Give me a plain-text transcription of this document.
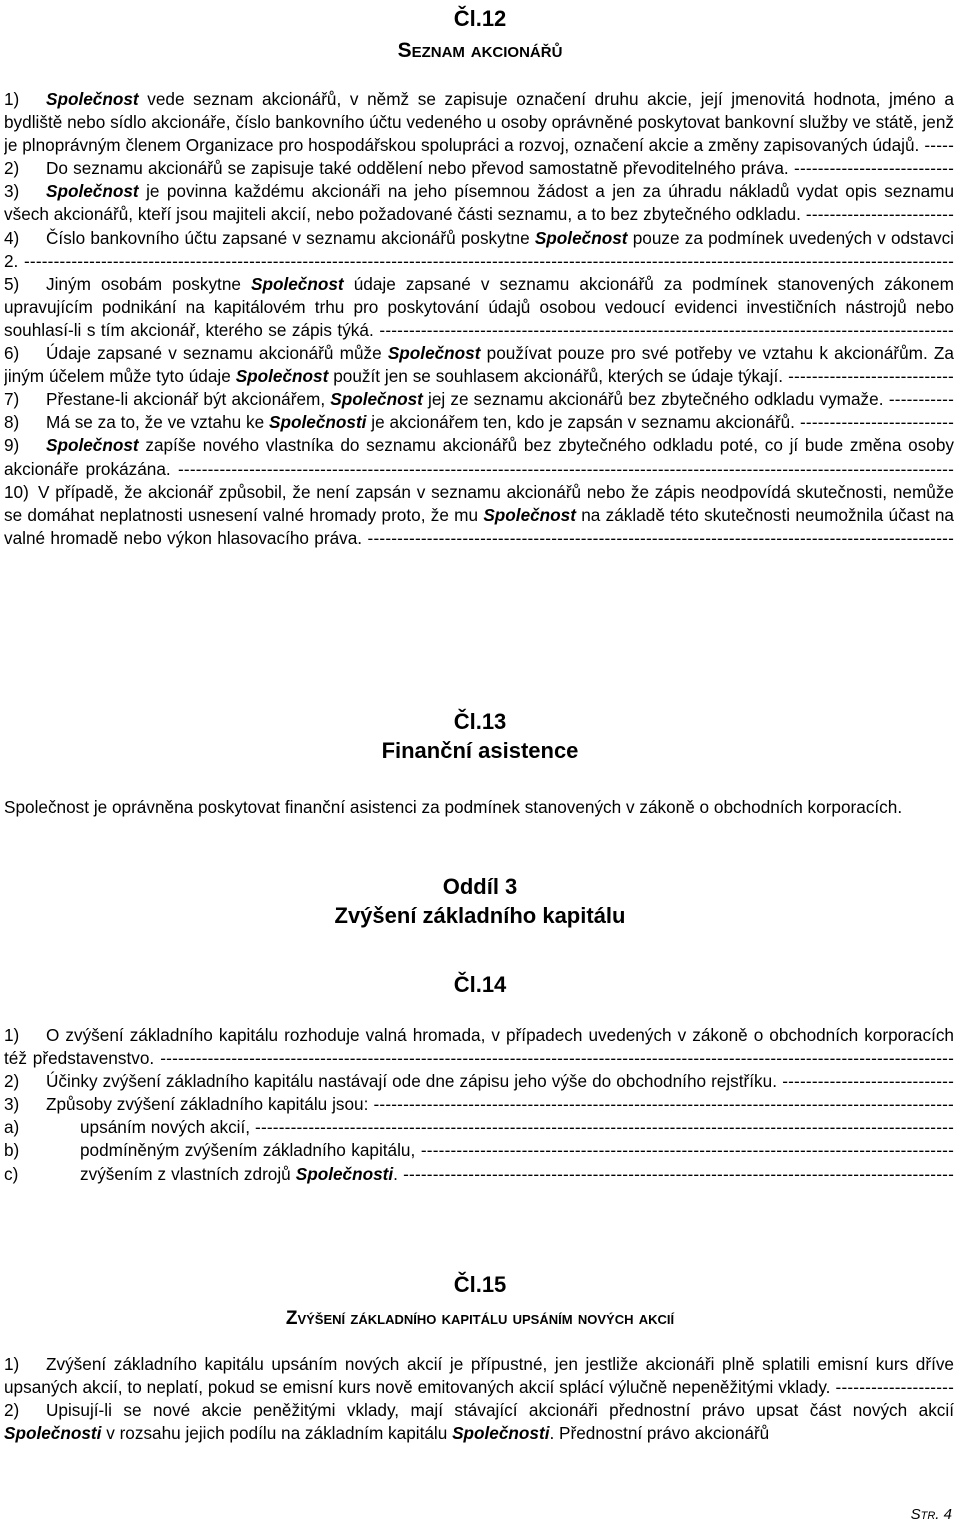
Čl.12
Seznam akcionářů
1) Společnost vede seznam akcionářů, v němž se zapisuje označení druhu akcie, její jmenovitá hodnota, jméno a bydliště nebo sídlo akcionáře, číslo bankovního účtu vedeného u osoby oprávněné poskytovat bankovní služby ve státě, jenž je plnoprávným členem Organizace pro hospodářskou spolupráci a rozvoj, označení akcie a změny zapisovaných údajů. -----
2) Do seznamu akcionářů se zapisuje také oddělení nebo převod samostatně převoditelného práva. ---------------------------
3) Společnost je povinna každému akcionáři na jeho písemnou žádost a jen za úhradu nákladů vydat opis seznamu všech akcionářů, kteří jsou majiteli akcií, nebo požadované části seznamu, a to bez zbytečného odkladu. -------------------------
4) Číslo bankovního účtu zapsané v seznamu akcionářů poskytne Společnost pouze za podmínek uvedených v odstavci 2. -------------------------------------------------------------------------------------------------------------------------------------------------------------
5) Jiným osobám poskytne Společnost údaje zapsané v seznamu akcionářů za podmínek stanovených zákonem upravujícím podnikání na kapitálovém trhu pro poskytování údajů osobou vedoucí evidenci investičních nástrojů nebo souhlasí-li s tím akcionář, kterého se zápis týká. -------------------------------------------------------------------------------------------------
6) Údaje zapsané v seznamu akcionářů může Společnost používat pouze pro své potřeby ve vztahu k akcionářům. Za jiným účelem může tyto údaje Společnost použít jen se souhlasem akcionářů, kterých se údaje týkají. ----------------------------
7) Přestane-li akcionář být akcionářem, Společnost jej ze seznamu akcionářů bez zbytečného odkladu vymaže. -----------
8) Má se za to, že ve vztahu ke Společnosti je akcionářem ten, kdo je zapsán v seznamu akcionářů. --------------------------
9) Společnost zapíše nového vlastníka do seznamu akcionářů bez zbytečného odkladu poté, co jí bude změna osoby akcionáře prokázána. -----------------------------------------------------------------------------------------------------------------------------------
10) V případě, že akcionář způsobil, že není zapsán v seznamu akcionářů nebo že zápis neodpovídá skutečnosti, nemůže se domáhat neplatnosti usnesení valné hromady proto, že mu Společnost na základě této skutečnosti neumožnila účast na valné hromadě nebo výkon hlasovacího práva. ---------------------------------------------------------------------------------------------------
Čl.13
Finanční asistence
Společnost je oprávněna poskytovat finanční asistenci za podmínek stanovených v zákoně o obchodních korporacích.
Oddíl 3
Zvýšení základního kapitálu
Čl.14
1) O zvýšení základního kapitálu rozhoduje valná hromada, v případech uvedených v zákoně o obchodních korporacích též představenstvo. --------------------------------------------------------------------------------------------------------------------------------------
2) Účinky zvýšení základního kapitálu nastávají ode dne zápisu jeho výše do obchodního rejstříku. -----------------------------
3) Způsoby zvýšení základního kapitálu jsou: --------------------------------------------------------------------------------------------------
a)	upsáním nových akcií, ----------------------------------------------------------------------------------------------------------------------
b)	podmíněným zvýšením základního kapitálu, ------------------------------------------------------------------------------------------
c)	zvýšením z vlastních zdrojů Společnosti. ---------------------------------------------------------------------------------------------
Čl.15
Zvýšení základního kapitálu upsáním nových akcií
1) Zvýšení základního kapitálu upsáním nových akcií je přípustné, jen jestliže akcionáři plně splatili emisní kurs dříve upsaných akcií, to neplatí, pokud se emisní kurs nově emitovaných akcií splácí výlučně nepeněžitými vklady. --------------------
2) Upisují-li se nové akcie peněžitými vklady, mají stávající akcionáři přednostní právo upsat část nových akcií Společnosti v rozsahu jejich podílu na základním kapitálu Společnosti. Přednostní právo akcionářů
Str. 4
